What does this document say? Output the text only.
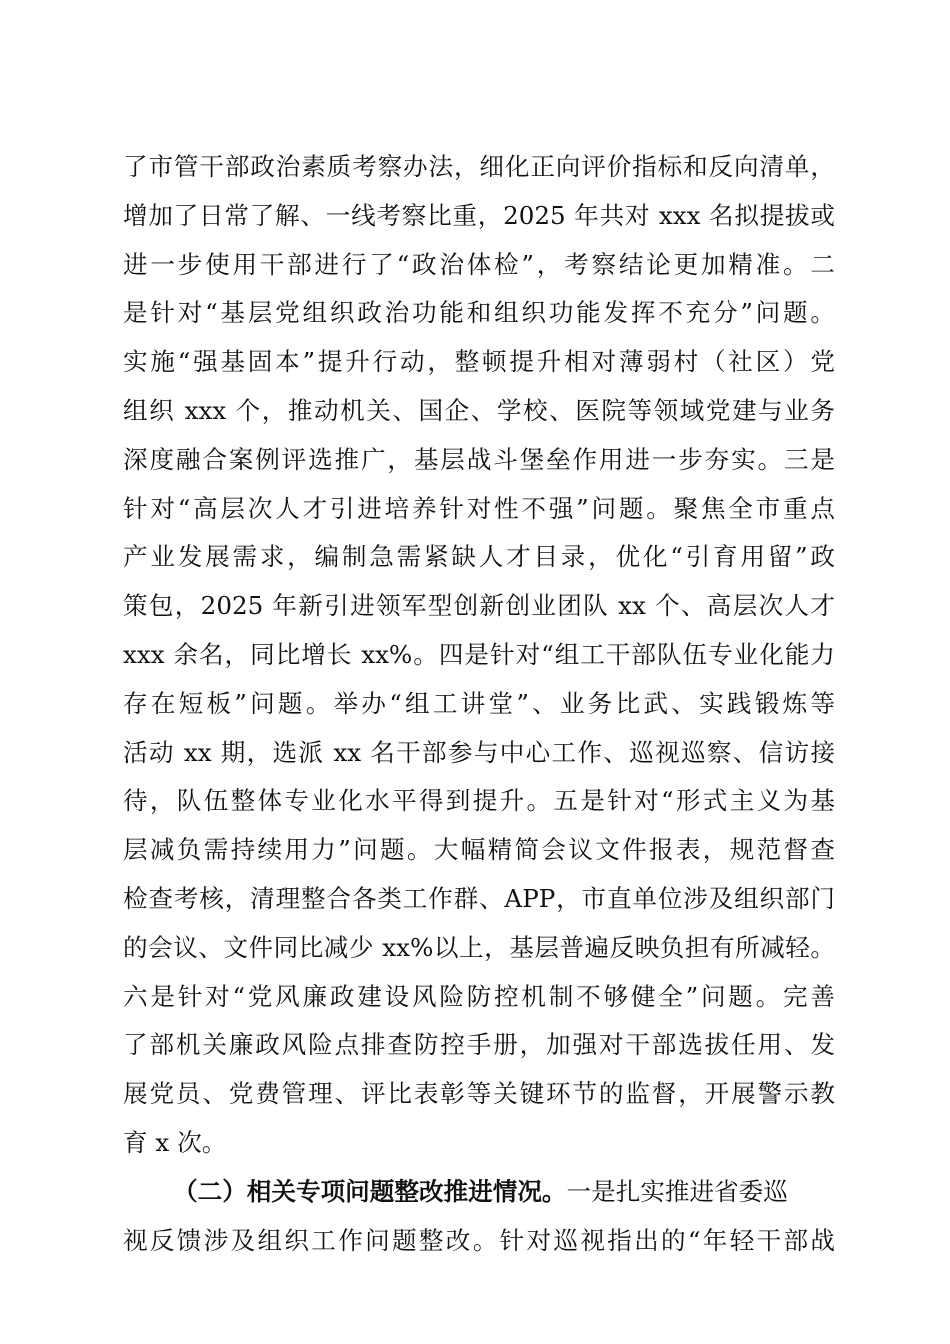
了市管干部政治素质考察办法，细化正向评价指标和反向清单，
增加了日常了解、一线考察比重，2025 年共对 xxx 名拟提拔或
进一步使用干部进行了“政治体检”，考察结论更加精准。二
是针对“基层党组织政治功能和组织功能发挥不充分”问题。
实施“强基固本”提升行动，整顿提升相对薄弱村（社区）党
组织 xxx 个，推动机关、国企、学校、医院等领域党建与业务
深度融合案例评选推广，基层战斗堡垒作用进一步夯实。三是
针对“高层次人才引进培养针对性不强”问题。聚焦全市重点
产业发展需求，编制急需紧缺人才目录，优化“引育用留”政
策包，2025 年新引进领军型创新创业团队 xx 个、高层次人才
xxx 余名，同比增长 xx%。四是针对“组工干部队伍专业化能力
存在短板”问题。举办“组工讲堂”、业务比武、实践锻炼等
活动 xx 期，选派 xx 名干部参与中心工作、巡视巡察、信访接
待，队伍整体专业化水平得到提升。五是针对“形式主义为基
层减负需持续用力”问题。大幅精简会议文件报表，规范督查
检查考核，清理整合各类工作群、APP，市直单位涉及组织部门
的会议、文件同比减少 xx%以上，基层普遍反映负担有所减轻。
六是针对“党风廉政建设风险防控机制不够健全”问题。完善
了部机关廉政风险点排查防控手册，加强对干部选拔任用、发
展党员、党费管理、评比表彰等关键环节的监督，开展警示教
育 x 次。
（二）相关专项问题整改推进情况。一是扎实推进省委巡
视反馈涉及组织工作问题整改。针对巡视指出的“年轻干部战
